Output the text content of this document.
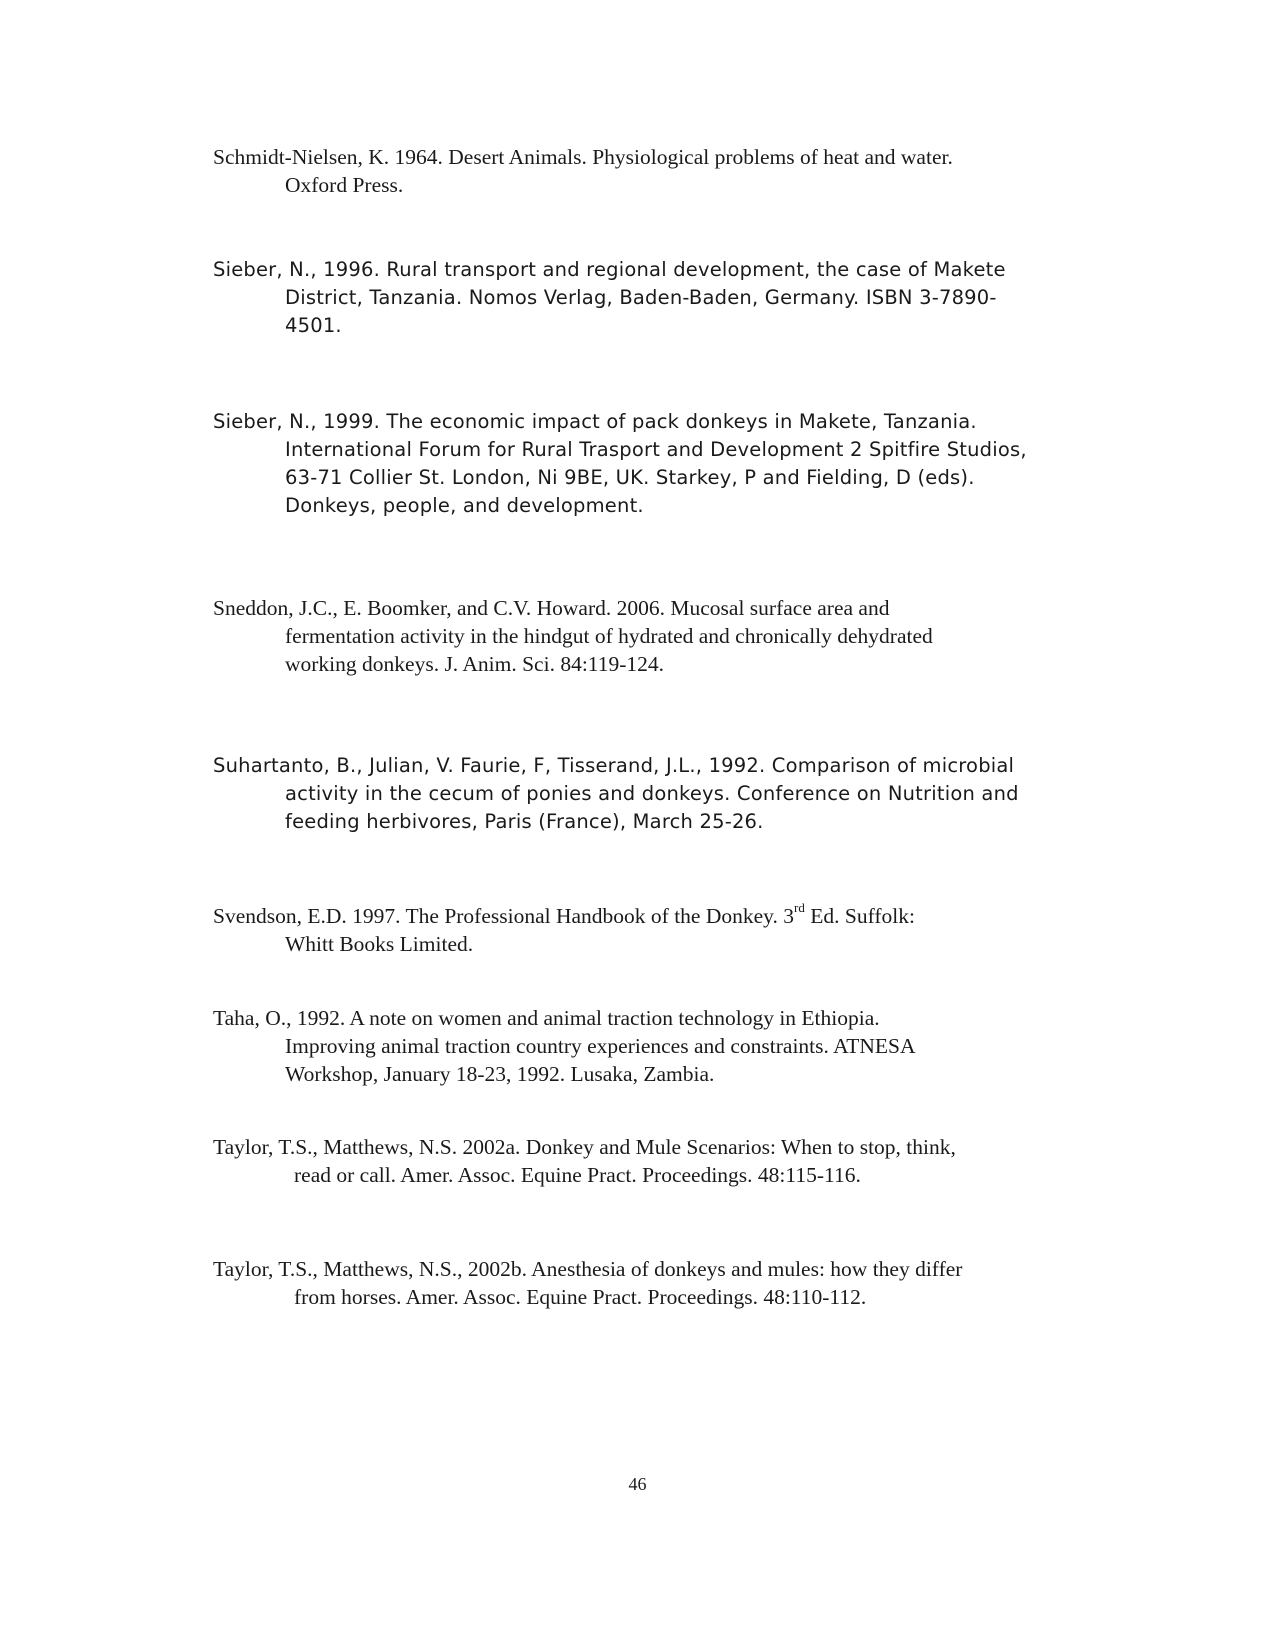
Schmidt-Nielsen, K. 1964. Desert Animals. Physiological problems of heat and water.
Oxford Press.
Sieber, N., 1996. Rural transport and regional development, the case of Makete
District, Tanzania. Nomos Verlag, Baden-Baden, Germany. ISBN 3-7890-
4501.
Sieber, N., 1999. The economic impact of pack donkeys in Makete, Tanzania.
International Forum for Rural Trasport and Development 2 Spitfire Studios,
63-71 Collier St. London, Ni 9BE, UK. Starkey, P and Fielding, D (eds).
Donkeys, people, and development.
Sneddon, J.C., E. Boomker, and C.V. Howard. 2006. Mucosal surface area and
fermentation activity in the hindgut of hydrated and chronically dehydrated
working donkeys. J. Anim. Sci. 84:119-124.
Suhartanto, B., Julian, V. Faurie, F, Tisserand, J.L., 1992. Comparison of microbial
activity in the cecum of ponies and donkeys. Conference on Nutrition and
feeding herbivores, Paris (France), March 25-26.
Svendson, E.D. 1997. The Professional Handbook of the Donkey. 3rd Ed. Suffolk:
Whitt Books Limited.
Taha, O., 1992. A note on women and animal traction technology in Ethiopia.
Improving animal traction country experiences and constraints. ATNESA
Workshop, January 18-23, 1992. Lusaka, Zambia.
Taylor, T.S., Matthews, N.S. 2002a. Donkey and Mule Scenarios: When to stop, think,
read or call. Amer. Assoc. Equine Pract. Proceedings. 48:115-116.
Taylor, T.S., Matthews, N.S., 2002b. Anesthesia of donkeys and mules: how they differ
from horses. Amer. Assoc. Equine Pract. Proceedings. 48:110-112.
46
